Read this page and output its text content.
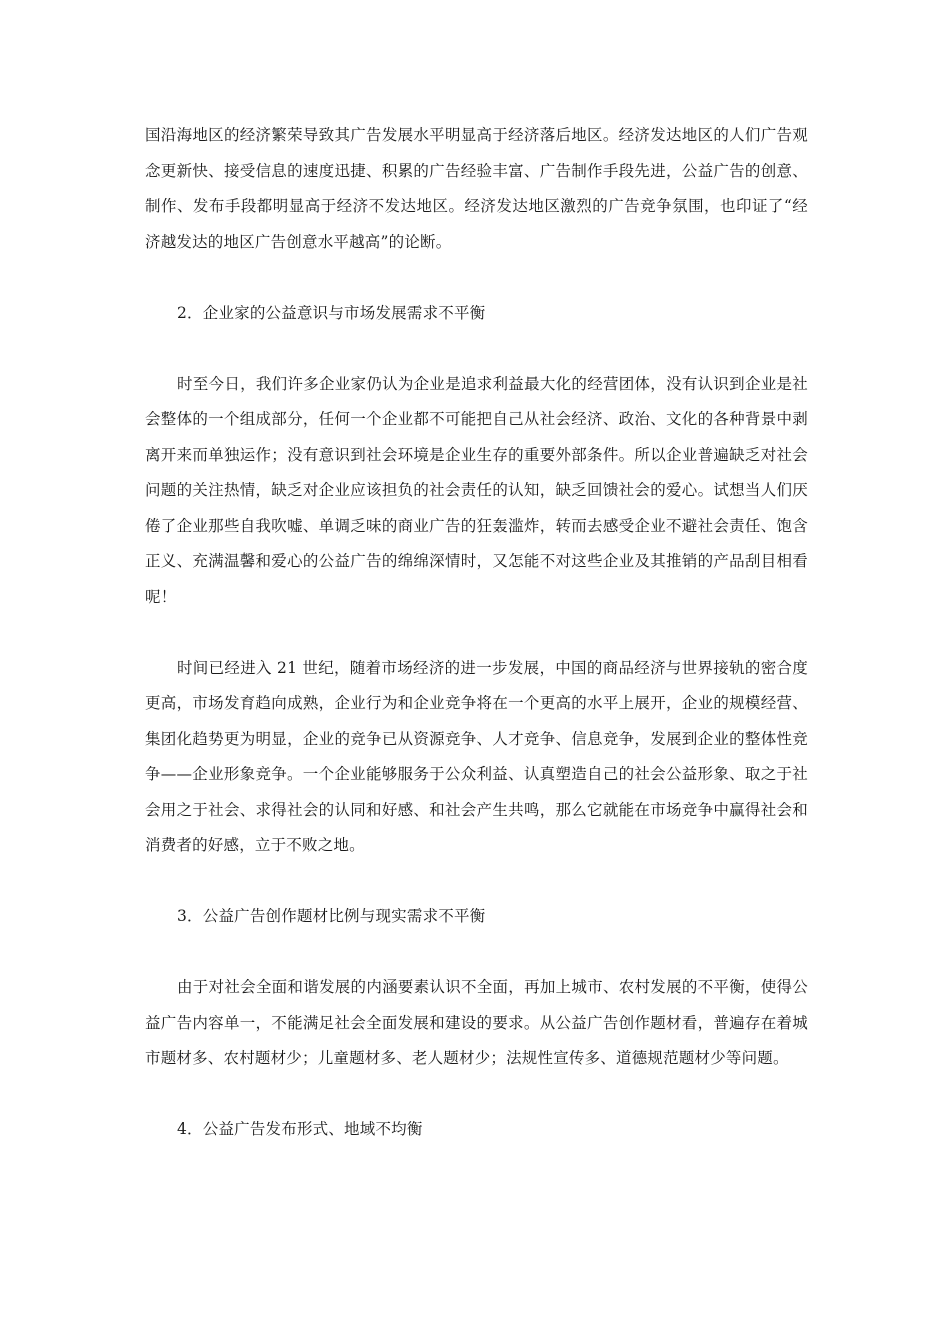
国沿海地区的经济繁荣导致其广告发展水平明显高于经济落后地区。经济发达地区的人们广告观念更新快、接受信息的速度迅捷、积累的广告经验丰富、广告制作手段先进，公益广告的创意、制作、发布手段都明显高于经济不发达地区。经济发达地区激烈的广告竞争氛围，也印证了“经济越发达的地区广告创意水平越高”的论断。

2．企业家的公益意识与市场发展需求不平衡

时至今日，我们许多企业家仍认为企业是追求利益最大化的经营团体，没有认识到企业是社会整体的一个组成部分，任何一个企业都不可能把自己从社会经济、政治、文化的各种背景中剥离开来而单独运作；没有意识到社会环境是企业生存的重要外部条件。所以企业普遍缺乏对社会问题的关注热情，缺乏对企业应该担负的社会责任的认知，缺乏回馈社会的爱心。试想当人们厌倦了企业那些自我吹嘘、单调乏味的商业广告的狂轰滥炸，转而去感受企业不避社会责任、饱含正义、充满温馨和爱心的公益广告的绵绵深情时，又怎能不对这些企业及其推销的产品刮目相看呢！

时间已经进入 21 世纪，随着市场经济的进一步发展，中国的商品经济与世界接轨的密合度更高，市场发育趋向成熟，企业行为和企业竞争将在一个更高的水平上展开，企业的规模经营、集团化趋势更为明显，企业的竞争已从资源竞争、人才竞争、信息竞争，发展到企业的整体性竞争——企业形象竞争。一个企业能够服务于公众利益、认真塑造自己的社会公益形象、取之于社会用之于社会、求得社会的认同和好感、和社会产生共鸣，那么它就能在市场竞争中赢得社会和消费者的好感，立于不败之地。

3．公益广告创作题材比例与现实需求不平衡

由于对社会全面和谐发展的内涵要素认识不全面，再加上城市、农村发展的不平衡，使得公益广告内容单一，不能满足社会全面发展和建设的要求。从公益广告创作题材看，普遍存在着城市题材多、农村题材少；儿童题材多、老人题材少；法规性宣传多、道德规范题材少等问题。

4．公益广告发布形式、地域不均衡
